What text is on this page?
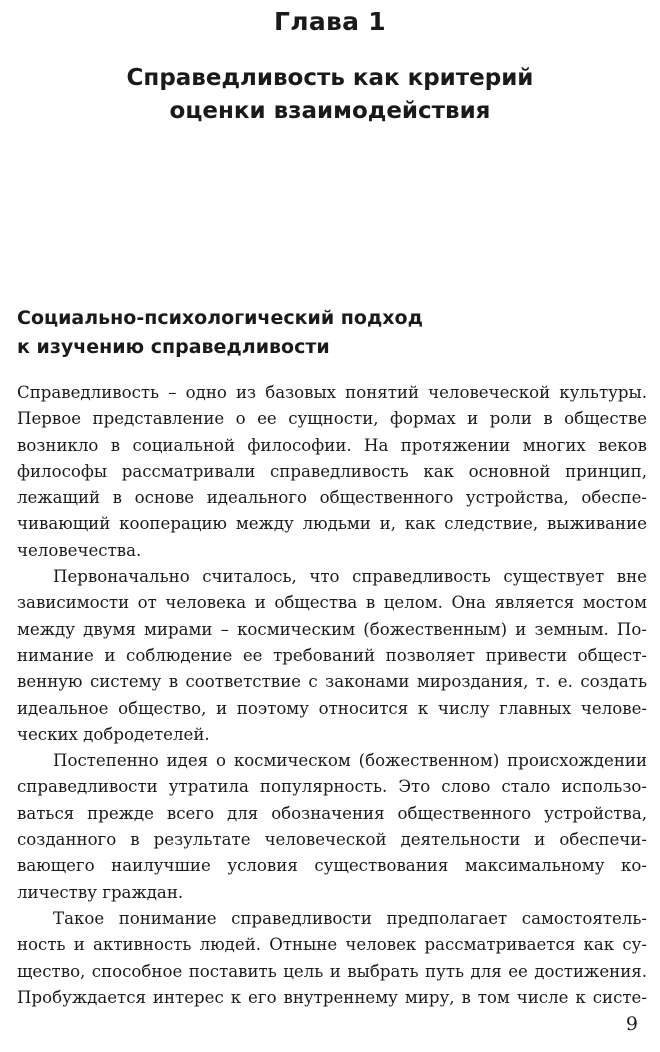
Глава 1
Справедливость как критерий
оценки взаимодействия
Социально-психологический подход
к изучению справедливости
Справедливость – одно из базовых понятий человеческой культуры.
Первое представление о ее сущности, формах и роли в обществе
возникло в социальной философии. На протяжении многих веков
философы рассматривали справедливость как основной принцип,
лежащий в основе идеального общественного устройства, обеспе-
чивающий кооперацию между людьми и, как следствие, выживание
человечества.
Первоначально считалось, что справедливость существует вне
зависимости от человека и общества в целом. Она является мостом
между двумя мирами – космическим (божественным) и земным. По-
нимание и соблюдение ее требований позволяет привести общест-
венную систему в соответствие с законами мироздания, т. е. создать
идеальное общество, и поэтому относится к числу главных челове-
ческих добродетелей.
Постепенно идея о космическом (божественном) происхождении
справедливости утратила популярность. Это слово стало использо-
ваться прежде всего для обозначения общественного устройства,
созданного в результате человеческой деятельности и обеспечи-
вающего наилучшие условия существования максимальному ко-
личеству граждан.
Такое понимание справедливости предполагает самостоятель-
ность и активность людей. Отныне человек рассматривается как су-
щество, способное поставить цель и выбрать путь для ее достижения.
Пробуждается интерес к его внутреннему миру, в том числе к систе-
9
